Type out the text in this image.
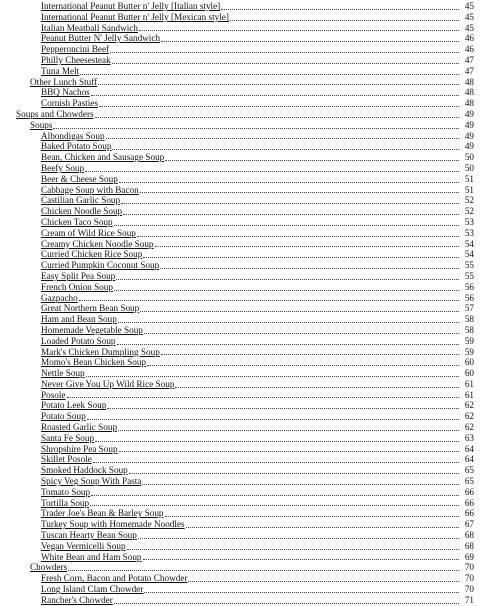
International Peanut Butter n' Jelly [Italian style]	45
International Peanut Butter n' Jelly [Mexican style]	45
Italian Meatball Sandwich	45
Peanut Butter N' Jelly Sandwich	46
Pepperoncini Beef	46
Philly Cheesesteak	47
Tuna Melt	47
Other Lunch Stuff	48
BBQ Nachos	48
Cornish Pasties	48
Soups and Chowders	49
Soups	49
Albondigas Soup	49
Baked Potato Soup	49
Bean, Chicken and Sausage Soup	50
Beefy Soup	50
Beer & Cheese Soup	51
Cabbage Soup with Bacon	51
Castilian Garlic Soup	52
Chicken Noodle Soup	52
Chicken Taco Soup	53
Cream of Wild Rice Soup	53
Creamy Chicken Noodle Soup	54
Curried Chicken Rice Soup	54
Curried Pumpkin Coconut Soup	55
Easy Split Pea Soup	55
French Onion Soup	56
Gazpacho	56
Great Northern Bean Soup	57
Ham and Bean Soup	58
Homemade Vegetable Soup	58
Loaded Potato Soup	59
Mark's Chicken Dumpling Soup	59
Momo's Bean Chicken Soup	60
Nettle Soup	60
Never Give You Up Wild Rice Soup	61
Posole	61
Potato Leek Soup	62
Potato Soup	62
Roasted Garlic Soup	62
Santa Fe Soup	63
Shropshire Pea Soup	64
Skillet Posole	64
Smoked Haddock Soup	65
Spicy Veg Soup With Pasta	65
Tomato Soup	66
Tortilla Soup	66
Trader Joe's Bean & Barley Soup	66
Turkey Soup with Homemade Noodles	67
Tuscan Hearty Bean Soup	68
Vegan Vermicelli Soup	68
White Bean and Ham Soup	69
Chowders	70
Fresh Corn, Bacon and Potato Chowder	70
Long Island Clam Chowder	70
Rancher's Chowder	71
